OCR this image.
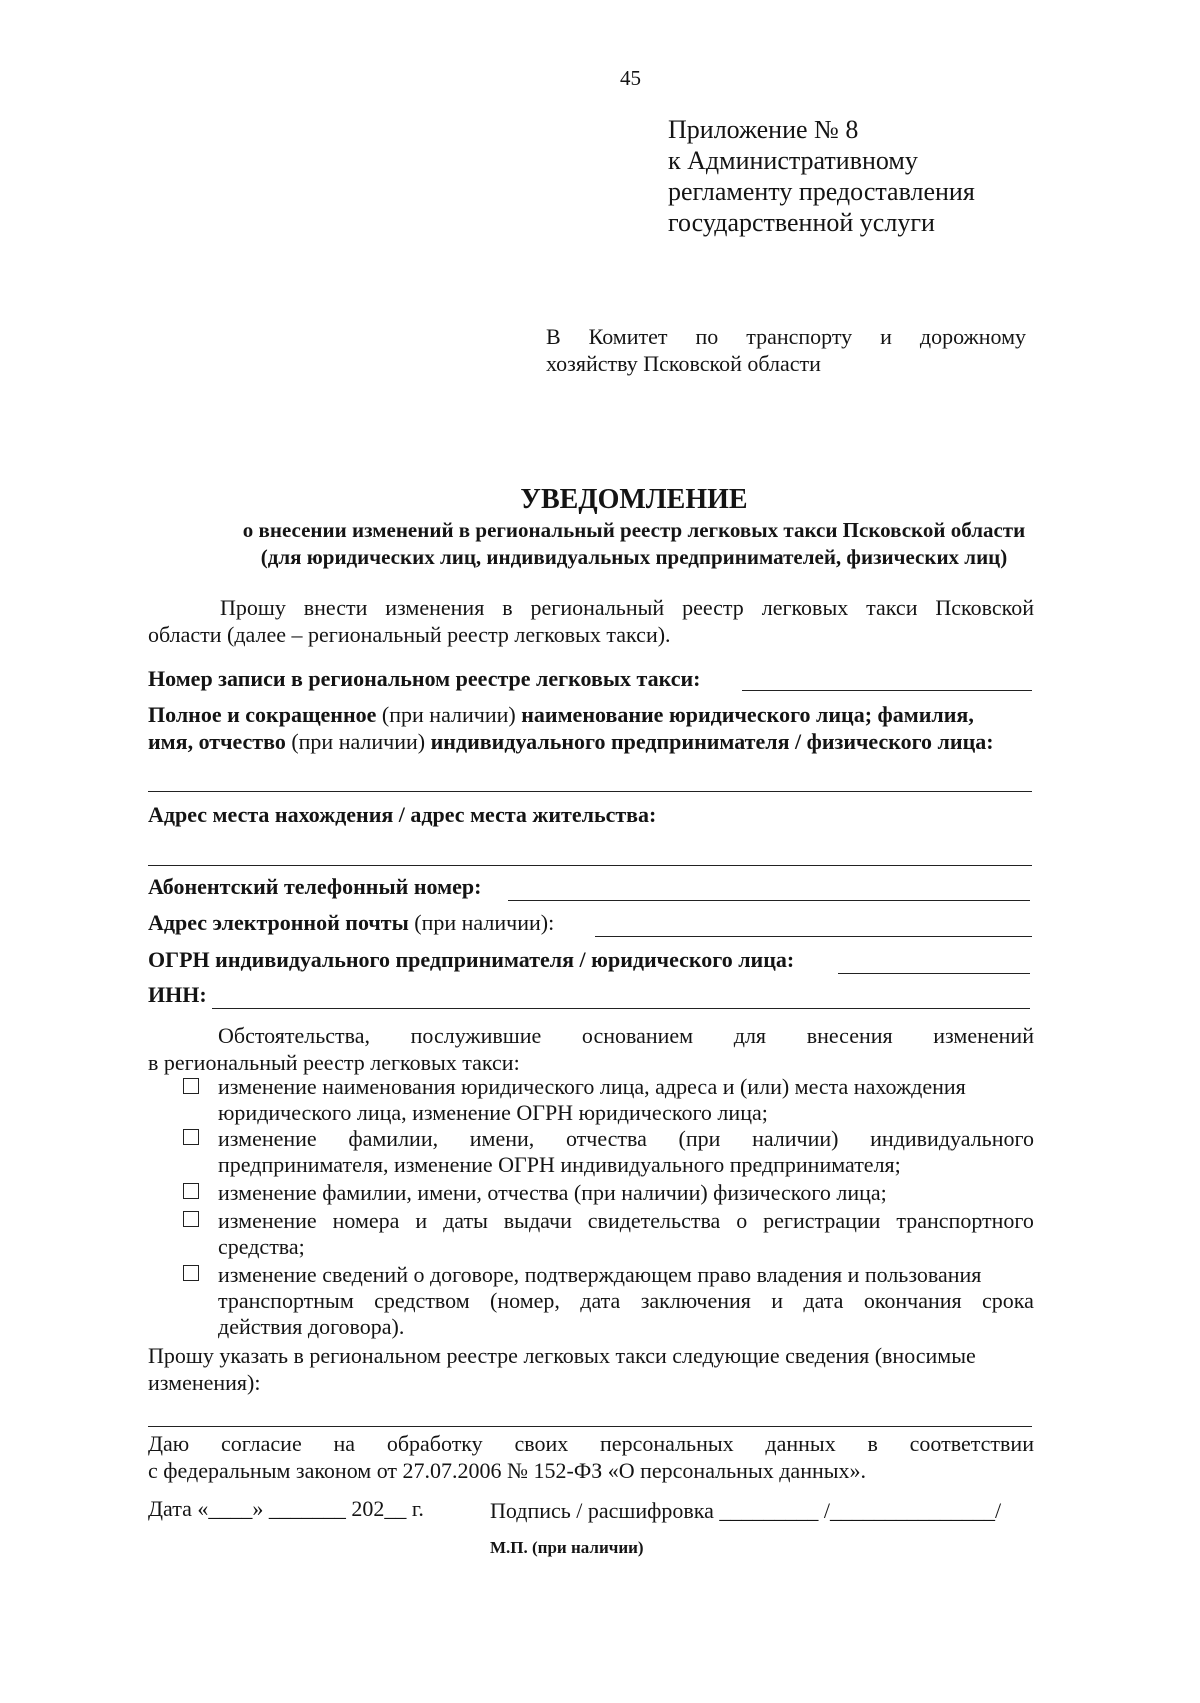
45
Приложение № 8
к Административному
регламенту предоставления
государственной услуги
В Комитет по транспорту и дорожному
хозяйству Псковской области
УВЕДОМЛЕНИЕ
о внесении изменений в региональный реестр легковых такси Псковской области
(для юридических лиц, индивидуальных предпринимателей, физических лиц)
Прошу внести изменения в региональный реестр легковых такси Псковской
области (далее – региональный реестр легковых такси).
Номер записи в региональном реестре легковых такси:
Полное и сокращенное (при наличии) наименование юридического лица; фамилия,
имя, отчество (при наличии) индивидуального предпринимателя / физического лица:
Адрес места нахождения / адрес места жительства:
Абонентский телефонный номер:
Адрес электронной почты (при наличии):
ОГРН индивидуального предпринимателя / юридического лица:
ИНН:
Обстоятельства, послужившие основанием для внесения изменений
в региональный реестр легковых такси:
изменение наименования юридического лица, адреса и (или) места нахождения
юридического лица, изменение ОГРН юридического лица;
изменение фамилии, имени, отчества (при наличии) индивидуального
предпринимателя, изменение ОГРН индивидуального предпринимателя;
изменение фамилии, имени, отчества (при наличии) физического лица;
изменение номера и даты выдачи свидетельства о регистрации транспортного
средства;
изменение сведений о договоре, подтверждающем право владения и пользования
транспортным средством (номер, дата заключения и дата окончания срока
действия договора).
Прошу указать в региональном реестре легковых такси следующие сведения (вносимые
изменения):
Даю согласие на обработку своих персональных данных в соответствии
с федеральным законом от 27.07.2006 № 152-ФЗ «О персональных данных».
Дата «____» _______ 202__ г.	Подпись / расшифровка _________ /_______________/
М.П. (при наличии)
